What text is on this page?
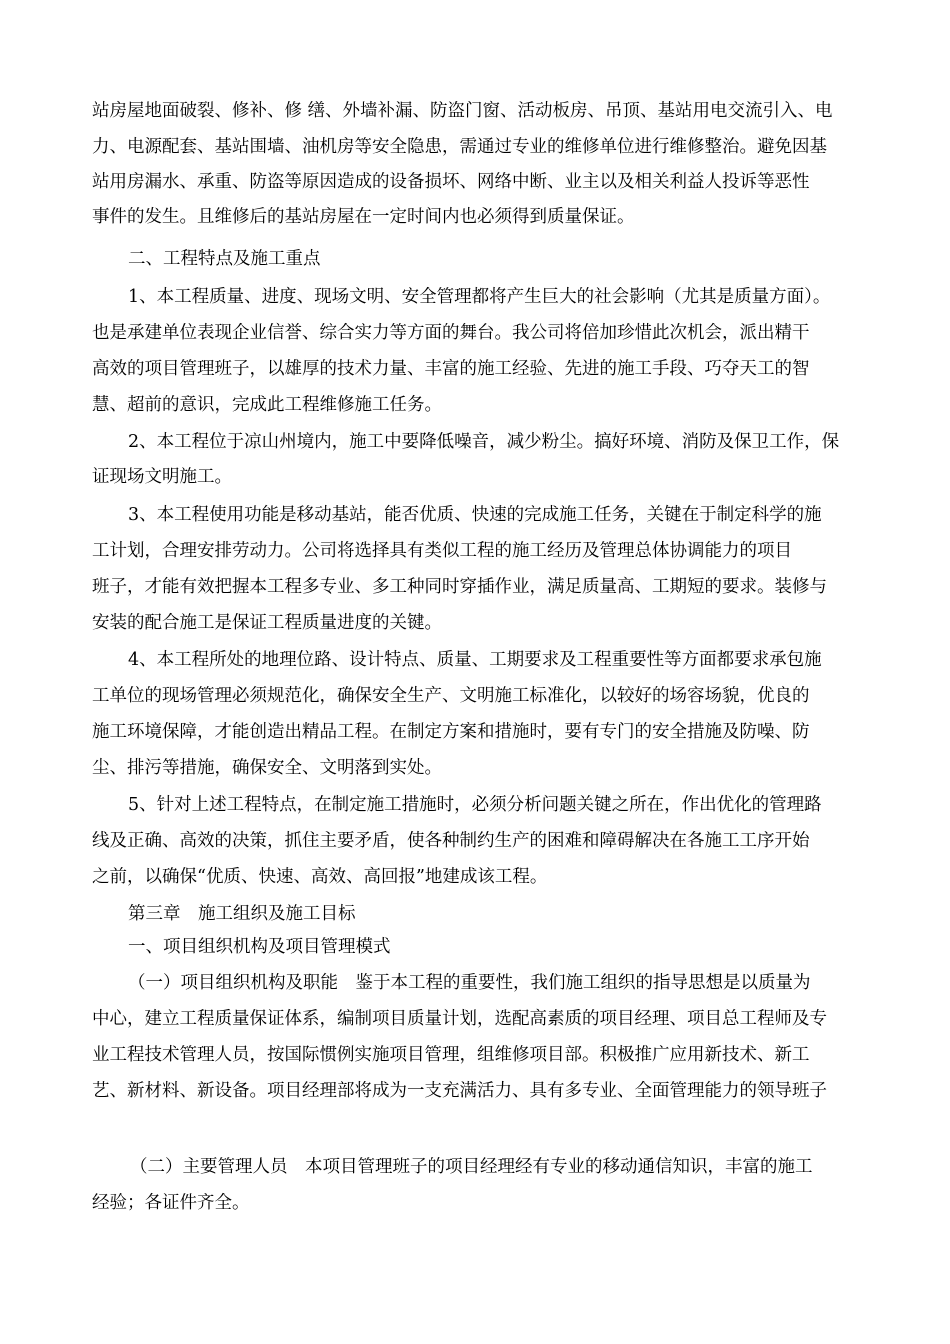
站房屋地面破裂、修补、修 缮、外墙补漏、防盗门窗、活动板房、吊顶、基站用电交流引入、电
力、电源配套、基站围墙、油机房等安全隐患，需通过专业的维修单位进行维修整治。避免因基
站用房漏水、承重、防盗等原因造成的设备损坏、网络中断、业主以及相关利益人投诉等恶性
事件的发生。且维修后的基站房屋在一定时间内也必须得到质量保证。
二、工程特点及施工重点
1、本工程质量、进度、现场文明、安全管理都将产生巨大的社会影响（尤其是质量方面）。
也是承建单位表现企业信誉、综合实力等方面的舞台。我公司将倍加珍惜此次机会，派出精干
高效的项目管理班子，以雄厚的技术力量、丰富的施工经验、先进的施工手段、巧夺天工的智
慧、超前的意识，完成此工程维修施工任务。
2、本工程位于凉山州境内，施工中要降低噪音，减少粉尘。搞好环境、消防及保卫工作，保
证现场文明施工。
3、本工程使用功能是移动基站，能否优质、快速的完成施工任务，关键在于制定科学的施
工计划，合理安排劳动力。公司将选择具有类似工程的施工经历及管理总体协调能力的项目
班子，才能有效把握本工程多专业、多工种同时穿插作业，满足质量高、工期短的要求。装修与
安装的配合施工是保证工程质量进度的关键。
4、本工程所处的地理位路、设计特点、质量、工期要求及工程重要性等方面都要求承包施
工单位的现场管理必须规范化，确保安全生产、文明施工标准化，以较好的场容场貌，优良的
施工环境保障，才能创造出精品工程。在制定方案和措施时，要有专门的安全措施及防噪、防
尘、排污等措施，确保安全、文明落到实处。
5、针对上述工程特点，在制定施工措施时，必须分析问题关键之所在，作出优化的管理路
线及正确、高效的决策，抓住主要矛盾，使各种制约生产的困难和障碍解决在各施工工序开始
之前，以确保“优质、快速、高效、高回报”地建成该工程。
第三章　施工组织及施工目标
一、项目组织机构及项目管理模式
（一）项目组织机构及职能　鉴于本工程的重要性，我们施工组织的指导思想是以质量为
中心，建立工程质量保证体系，编制项目质量计划，选配高素质的项目经理、项目总工程师及专
业工程技术管理人员，按国际惯例实施项目管理，组维修项目部。积极推广应用新技术、新工
艺、新材料、新设备。项目经理部将成为一支充满活力、具有多专业、全面管理能力的领导班子
（二）主要管理人员　本项目管理班子的项目经理经有专业的移动通信知识，丰富的施工
经验；各证件齐全。
